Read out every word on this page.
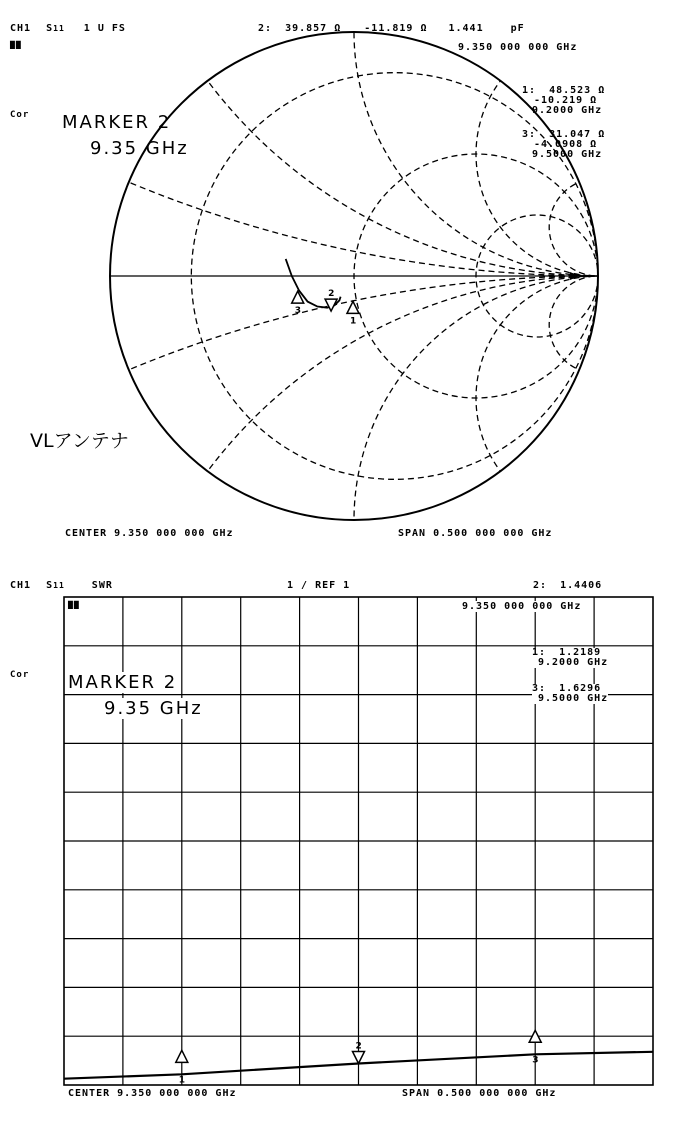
CH1 S11 1 U FS
▇▇
2: 39.857 Ω -11.819 Ω 1.441	pF
9.350 000 000 GHz
Cor
1: 48.523 Ω
-10.219 Ω
9.2000 GHz
3: 31.047 Ω
-4.0908 Ω
9.5000 GHz
MARKER 2
9.35 GHz
VLアンテナ
1
2
3
CENTER 9.350 000 000 GHz	SPAN 0.500 000 000 GHz
1
2
3
CH1 S11	SWR	1 / REF 1
▇▇
2: 1.4406
9.350 000 000 GHz
Cor
1: 1.2189
9.2000 GHz
3: 1.6296
9.5000 GHz
MARKER 2
9.35 GHz
CENTER 9.350 000 000 GHz	SPAN 0.500 000 000 GHz
